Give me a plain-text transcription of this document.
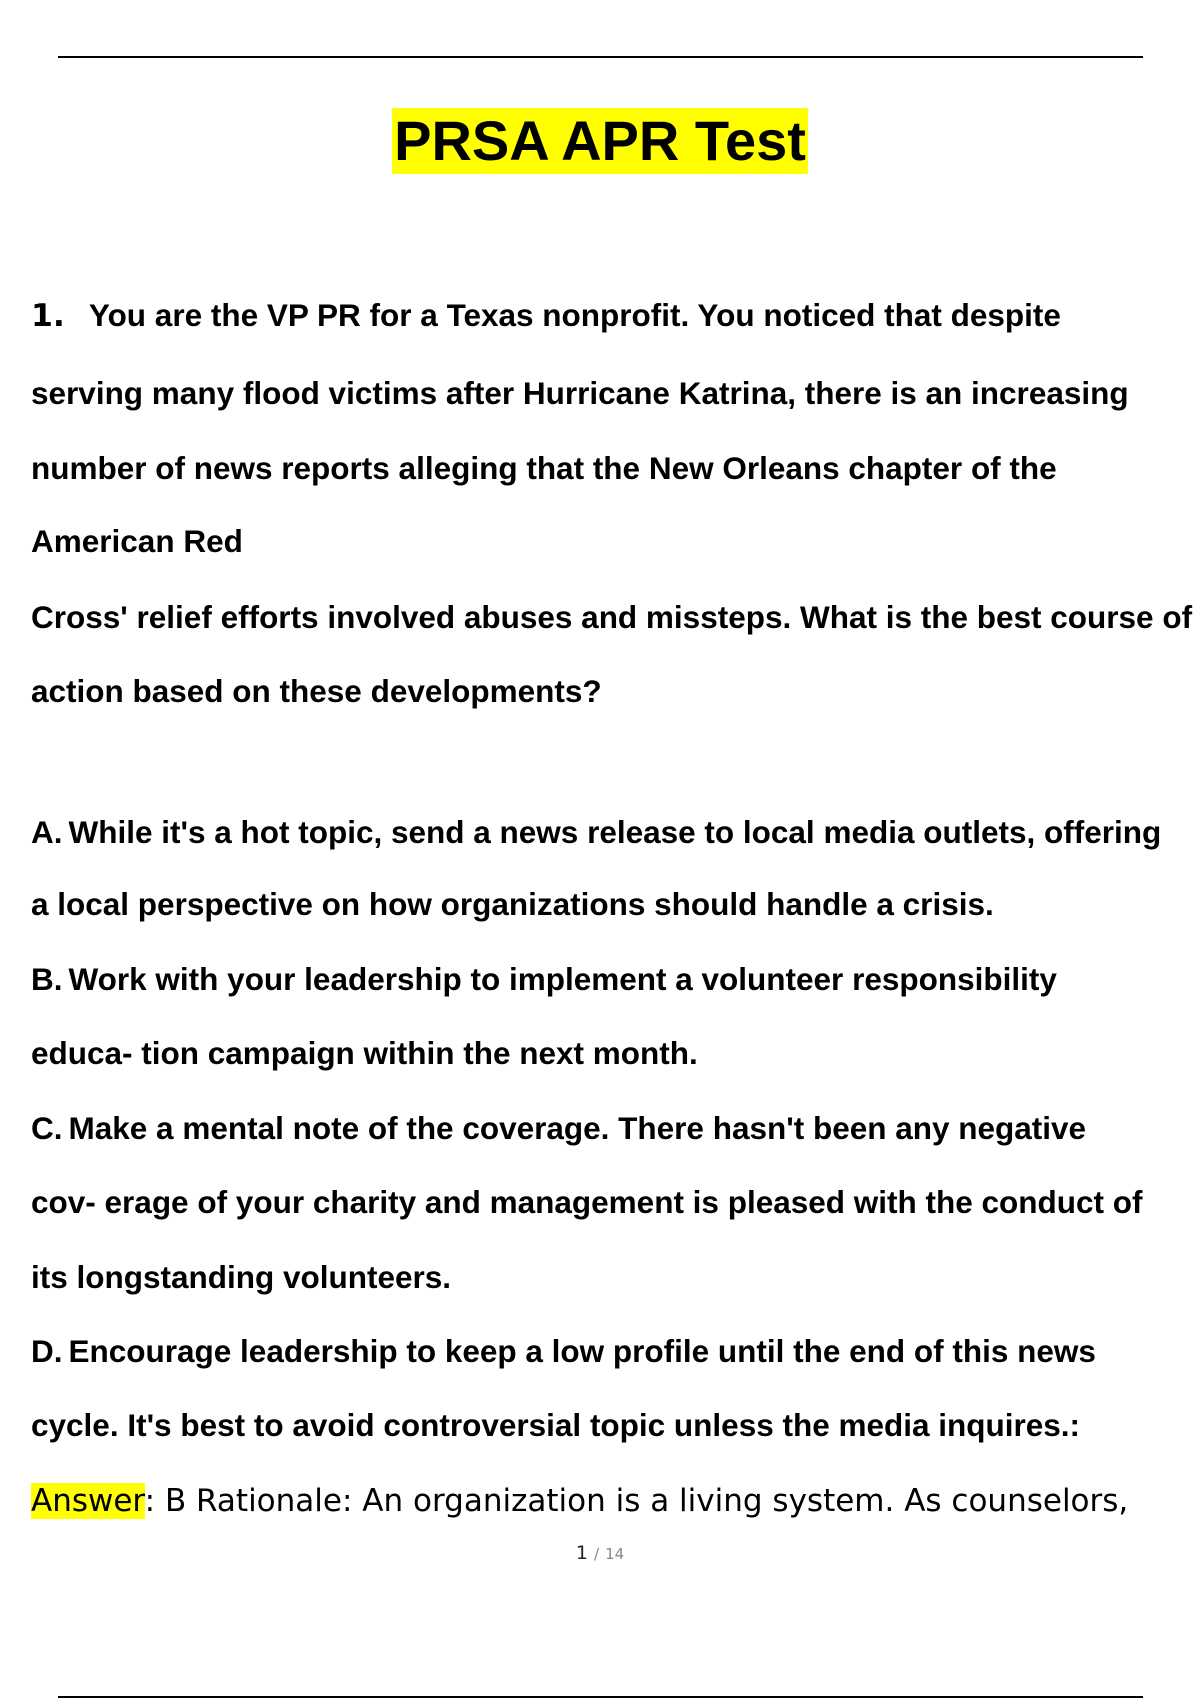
PRSA APR Test
1. You are the VP PR for a Texas nonprofit. You noticed that despite
serving many flood victims after Hurricane Katrina, there is an increasing
number of news reports alleging that the New Orleans chapter of the
American Red
Cross' relief efforts involved abuses and missteps. What is the best course of
action based on these developments?
A. While it's a hot topic, send a news release to local media outlets, offering
a local perspective on how organizations should handle a crisis.
B. Work with your leadership to implement a volunteer responsibility
educa- tion campaign within the next month.
C. Make a mental note of the coverage. There hasn't been any negative
cov- erage of your charity and management is pleased with the conduct of
its longstanding volunteers.
D. Encourage leadership to keep a low profile until the end of this news
cycle. It's best to avoid controversial topic unless the media inquires.:
Answer: B Rationale: An organization is a living system. As counselors,
1 / 14
